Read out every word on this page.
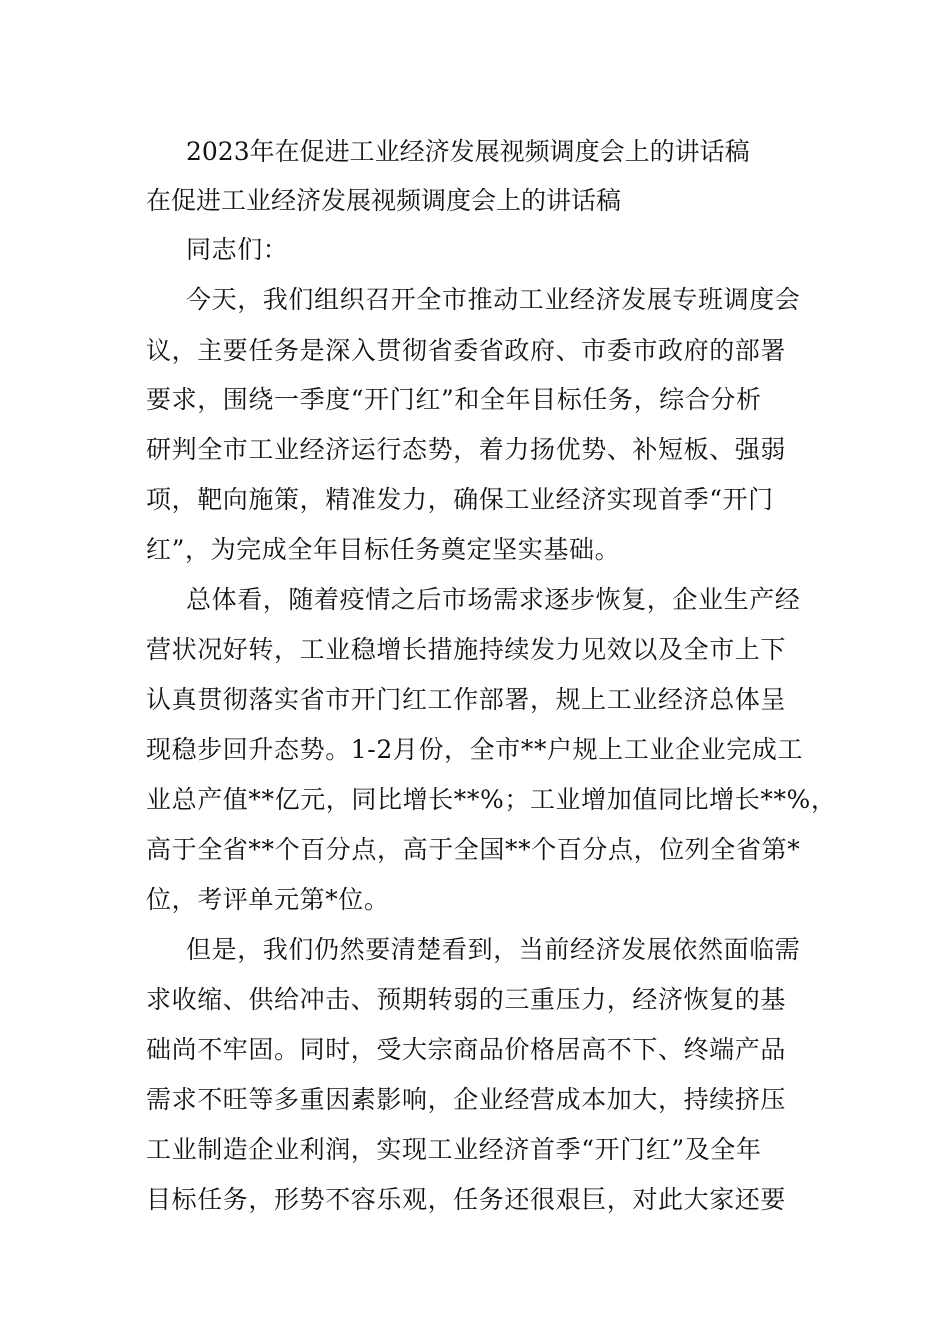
2023年在促进工业经济发展视频调度会上的讲话稿
在促进工业经济发展视频调度会上的讲话稿
同志们：
今天，我们组织召开全市推动工业经济发展专班调度会
议，主要任务是深入贯彻省委省政府、市委市政府的部署
要求，围绕一季度“开门红”和全年目标任务，综合分析
研判全市工业经济运行态势，着力扬优势、补短板、强弱
项，靶向施策，精准发力，确保工业经济实现首季“开门
红”，为完成全年目标任务奠定坚实基础。
总体看，随着疫情之后市场需求逐步恢复，企业生产经
营状况好转，工业稳增长措施持续发力见效以及全市上下
认真贯彻落实省市开门红工作部署，规上工业经济总体呈
现稳步回升态势。1-2月份，全市**户规上工业企业完成工
业总产值**亿元，同比增长**%；工业增加值同比增长**%，
高于全省**个百分点，高于全国**个百分点，位列全省第*
位，考评单元第*位。
但是，我们仍然要清楚看到，当前经济发展依然面临需
求收缩、供给冲击、预期转弱的三重压力，经济恢复的基
础尚不牢固。同时，受大宗商品价格居高不下、终端产品
需求不旺等多重因素影响，企业经营成本加大，持续挤压
工业制造企业利润，实现工业经济首季“开门红”及全年
目标任务，形势不容乐观，任务还很艰巨，对此大家还要
